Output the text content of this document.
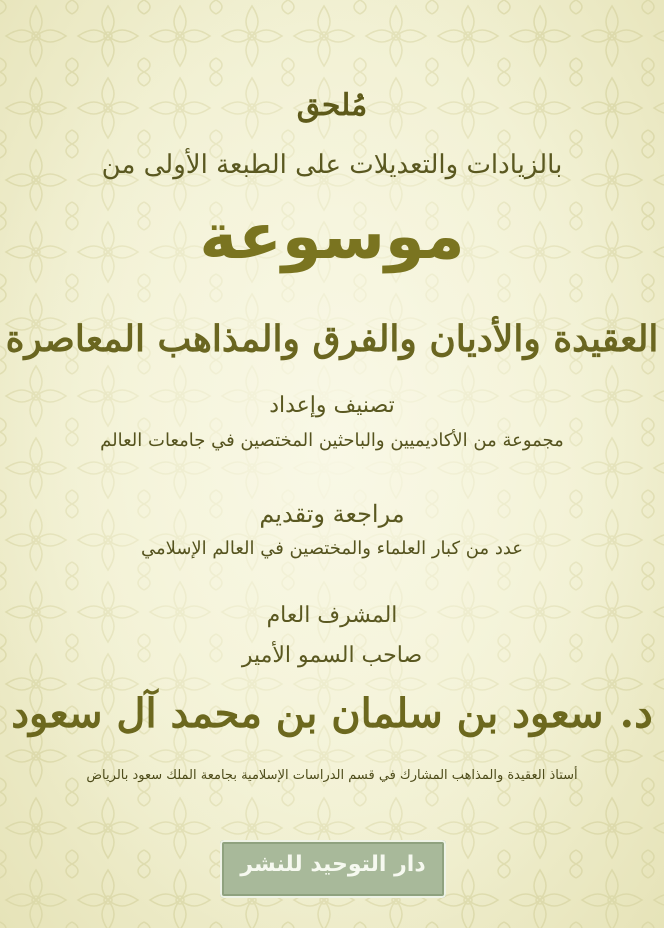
مُلحق

بالزيادات والتعديلات على الطبعة الأولى من

موسوعة

العقيدة والأديان والفرق والمذاهب المعاصرة

تصنيف وإعداد

مجموعة من الأكاديميين والباحثين المختصين في جامعات العالم

مراجعة وتقديم

عدد من كبار العلماء والمختصين في العالم الإسلامي

المشرف العام

صاحب السمو الأمير

د.سعود بن سلمان بن محمد آل سعود

أستاذ العقيدة والمذاهب المشارك في قسم الدراسات الإسلامية بجامعة الملك سعود بالرياض

دار التوحيد للنشر
